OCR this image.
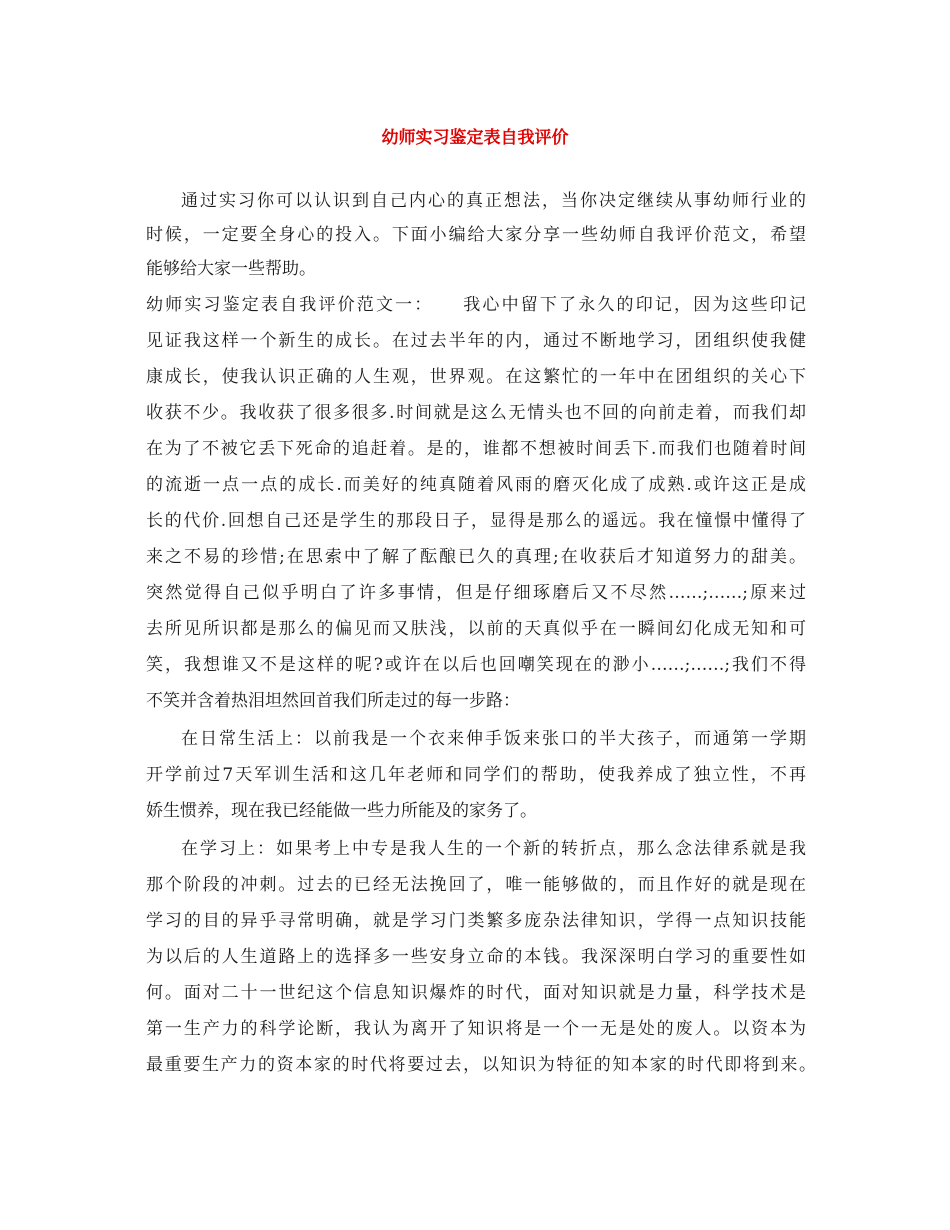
幼师实习鉴定表自我评价
通过实习你可以认识到自己内心的真正想法，当你决定继续从事幼师行业的
时候，一定要全身心的投入。下面小编给大家分享一些幼师自我评价范文，希望
能够给大家一些帮助。
幼师实习鉴定表自我评价范文一：　　我心中留下了永久的印记，因为这些印记
见证我这样一个新生的成长。在过去半年的内，通过不断地学习，团组织使我健
康成长，使我认识正确的人生观，世界观。在这繁忙的一年中在团组织的关心下
收获不少。我收获了很多很多.时间就是这么无情头也不回的向前走着，而我们却
在为了不被它丢下死命的追赶着。是的，谁都不想被时间丢下.而我们也随着时间
的流逝一点一点的成长.而美好的纯真随着风雨的磨灭化成了成熟.或许这正是成
长的代价.回想自己还是学生的那段日子，显得是那么的遥远。我在憧憬中懂得了
来之不易的珍惜;在思索中了解了酝酿已久的真理;在收获后才知道努力的甜美。
突然觉得自己似乎明白了许多事情，但是仔细琢磨后又不尽然……;……;原来过
去所见所识都是那么的偏见而又肤浅，以前的天真似乎在一瞬间幻化成无知和可
笑，我想谁又不是这样的呢?或许在以后也回嘲笑现在的渺小……;……;我们不得
不笑并含着热泪坦然回首我们所走过的每一步路：
在日常生活上：以前我是一个衣来伸手饭来张口的半大孩子，而通第一学期
开学前过7天军训生活和这几年老师和同学们的帮助，使我养成了独立性，不再
娇生惯养，现在我已经能做一些力所能及的家务了。
在学习上：如果考上中专是我人生的一个新的转折点，那么念法律系就是我
那个阶段的冲刺。过去的已经无法挽回了，唯一能够做的，而且作好的就是现在
学习的目的异乎寻常明确，就是学习门类繁多庞杂法律知识，学得一点知识技能
为以后的人生道路上的选择多一些安身立命的本钱。我深深明白学习的重要性如
何。面对二十一世纪这个信息知识爆炸的时代，面对知识就是力量，科学技术是
第一生产力的科学论断，我认为离开了知识将是一个一无是处的废人。以资本为
最重要生产力的资本家的时代将要过去，以知识为特征的知本家的时代即将到来。
